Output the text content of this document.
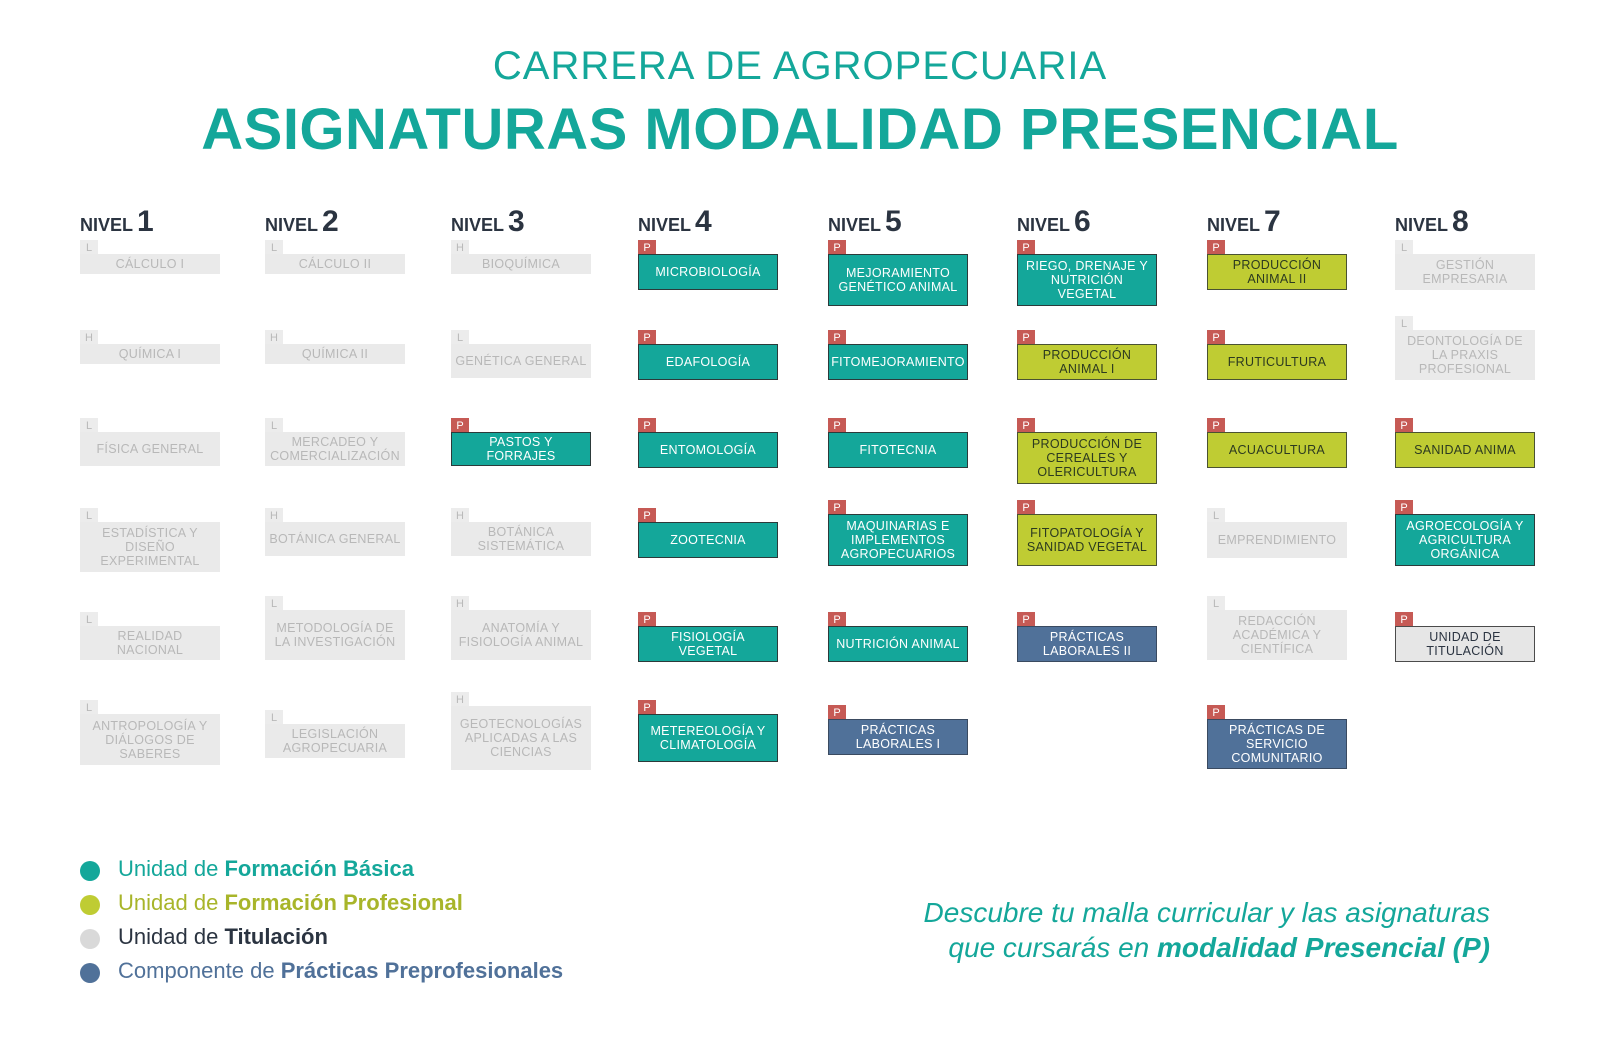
CARRERA DE AGROPECUARIA
ASIGNATURAS MODALIDAD PRESENCIAL
NIVEL 1
L
CÁLCULO I
H
QUÍMICA I
L
FÍSICA GENERAL
L
ESTADÍSTICA Y DISEÑO EXPERIMENTAL
L
REALIDAD NACIONAL
L
ANTROPOLOGÍA Y DIÁLOGOS DE SABERES
NIVEL 2
L
CÁLCULO II
H
QUÍMICA II
L
MERCADEO Y COMERCIALIZACIÓN
H
BOTÁNICA GENERAL
L
METODOLOGÍA DE LA INVESTIGACIÓN
L
LEGISLACIÓN AGROPECUARIA
NIVEL 3
H
BIOQUÍMICA
L
GENÉTICA GENERAL
P
PASTOS Y FORRAJES
H
BOTÁNICA SISTEMÁTICA
H
ANATOMÍA Y FISIOLOGÍA ANIMAL
H
GEOTECNOLOGÍAS APLICADAS A LAS CIENCIAS
NIVEL 4
P
MICROBIOLOGÍA
P
EDAFOLOGÍA
P
ENTOMOLOGÍA
P
ZOOTECNIA
P
FISIOLOGÍA VEGETAL
P
METEREOLOGÍA Y CLIMATOLOGÍA
NIVEL 5
P
MEJORAMIENTO GENÉTICO ANIMAL
P
FITOMEJORAMIENTO
P
FITOTECNIA
P
MAQUINARIAS E IMPLEMENTOS AGROPECUARIOS
P
NUTRICIÓN ANIMAL
P
PRÁCTICAS LABORALES I
NIVEL 6
P
RIEGO, DRENAJE Y NUTRICIÓN VEGETAL
P
PRODUCCIÓN ANIMAL I
P
PRODUCCIÓN DE CEREALES Y OLERICULTURA
P
FITOPATOLOGÍA Y SANIDAD VEGETAL
P
PRÁCTICAS LABORALES II
NIVEL 7
P
PRODUCCIÓN ANIMAL II
P
FRUTICULTURA
P
ACUACULTURA
L
EMPRENDIMIENTO
L
REDACCIÓN ACADÉMICA Y CIENTÍFICA
P
PRÁCTICAS DE SERVICIO COMUNITARIO
NIVEL 8
L
GESTIÓN EMPRESARIA
L
DEONTOLOGÍA DE LA PRAXIS PROFESIONAL
P
SANIDAD ANIMA
P
AGROECOLOGÍA Y AGRICULTURA ORGÁNICA
P
UNIDAD DE TITULACIÓN
Unidad de Formación Básica
Unidad de Formación Profesional
Unidad de Titulación
Componente de Prácticas Preprofesionales
Descubre tu malla curricular y las asignaturas
que cursarás en modalidad Presencial (P)
